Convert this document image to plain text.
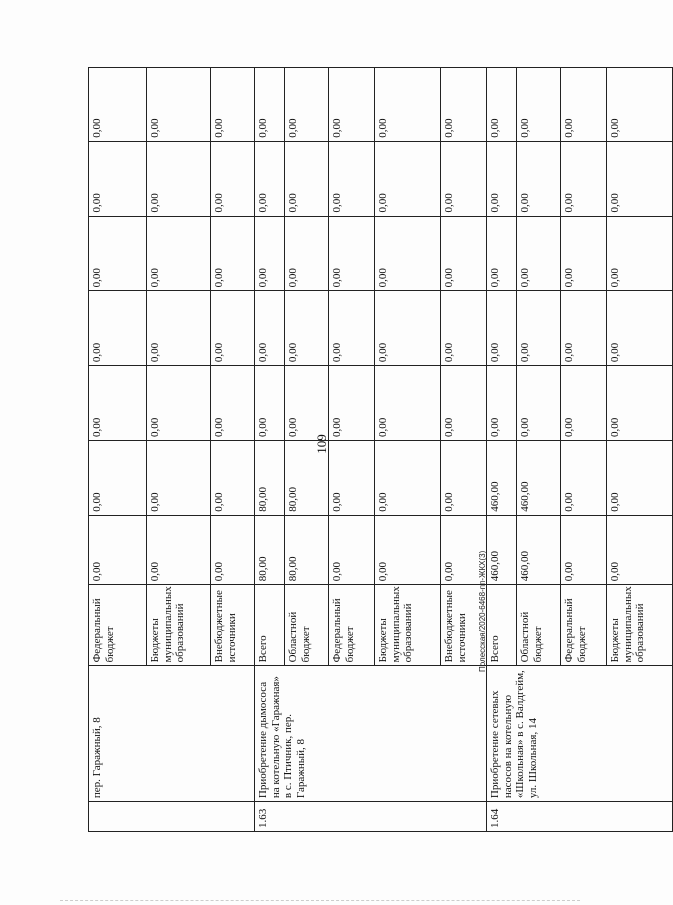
109
	пер. Гаражный, 8	Федеральный бюджет	0,00	0,00	0,00	0,00	0,00	0,00	0,00
		Бюджеты муниципальных образований	0,00	0,00	0,00	0,00	0,00	0,00	0,00
		Внебюджетные источники	0,00	0,00	0,00	0,00	0,00	0,00	0,00
1.63	Приобретение дымососа на котельную «Гаражная» в с. Птичник, пер. Гаражный, 8	Всего	80,00	80,00	0,00	0,00	0,00	0,00	0,00
		Областной бюджет	80,00	80,00	0,00	0,00	0,00	0,00	0,00
		Федеральный бюджет	0,00	0,00	0,00	0,00	0,00	0,00	0,00
		Бюджеты муниципальных образований	0,00	0,00	0,00	0,00	0,00	0,00	0,00
		Внебюджетные источники	0,00	0,00	0,00	0,00	0,00	0,00	0,00
1.64	Приобретение сетевых насосов на котельную «Школьная» в с. Валдгейм, ул. Школьная, 14	Всего	460,00	460,00	0,00	0,00	0,00	0,00	0,00
		Областной бюджет	460,00	460,00	0,00	0,00	0,00	0,00	0,00
		Федеральный бюджет	0,00	0,00	0,00	0,00	0,00	0,00	0,00
		Бюджеты муниципальных образований	0,00	0,00	0,00	0,00	0,00	0,00	0,00
Полесская/2020-6468-пп-ЖКХ(3)
